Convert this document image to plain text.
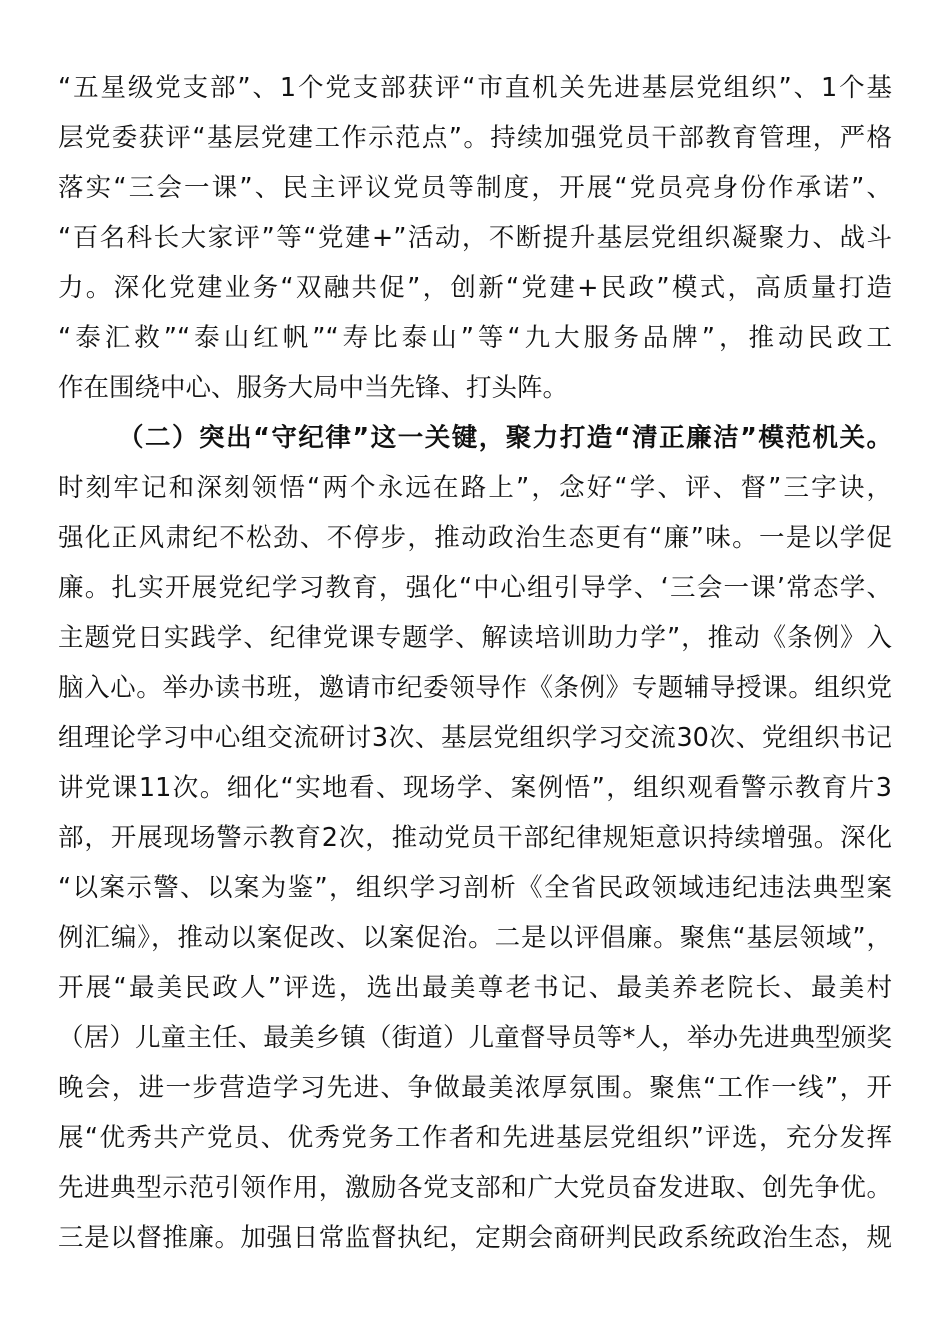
“五星级党支部”、1个党支部获评“市直机关先进基层党组织”、1个基
层党委获评“基层党建工作示范点”。持续加强党员干部教育管理，严格
落实“三会一课”、民主评议党员等制度，开展“党员亮身份作承诺”、
“百名科长大家评”等“党建+”活动，不断提升基层党组织凝聚力、战斗
力。深化党建业务“双融共促”，创新“党建+民政”模式，高质量打造
“泰汇救”“泰山红帆”“寿比泰山”等“九大服务品牌”，推动民政工
作在围绕中心、服务大局中当先锋、打头阵。
（二）突出“守纪律”这一关键，聚力打造“清正廉洁”模范机关。
时刻牢记和深刻领悟“两个永远在路上”，念好“学、评、督”三字诀，
强化正风肃纪不松劲、不停步，推动政治生态更有“廉”味。一是以学促
廉。扎实开展党纪学习教育，强化“中心组引导学、‘三会一课’常态学、
主题党日实践学、纪律党课专题学、解读培训助力学”，推动《条例》入
脑入心。举办读书班，邀请市纪委领导作《条例》专题辅导授课。组织党
组理论学习中心组交流研讨3次、基层党组织学习交流30次、党组织书记
讲党课11次。细化“实地看、现场学、案例悟”，组织观看警示教育片3
部，开展现场警示教育2次，推动党员干部纪律规矩意识持续增强。深化
“以案示警、以案为鉴”，组织学习剖析《全省民政领域违纪违法典型案
例汇编》，推动以案促改、以案促治。二是以评倡廉。聚焦“基层领域”，
开展“最美民政人”评选，选出最美尊老书记、最美养老院长、最美村
（居）儿童主任、最美乡镇（街道）儿童督导员等*人，举办先进典型颁奖
晚会，进一步营造学习先进、争做最美浓厚氛围。聚焦“工作一线”，开
展“优秀共产党员、优秀党务工作者和先进基层党组织”评选，充分发挥
先进典型示范引领作用，激励各党支部和广大党员奋发进取、创先争优。
三是以督推廉。加强日常监督执纪，定期会商研判民政系统政治生态，规
